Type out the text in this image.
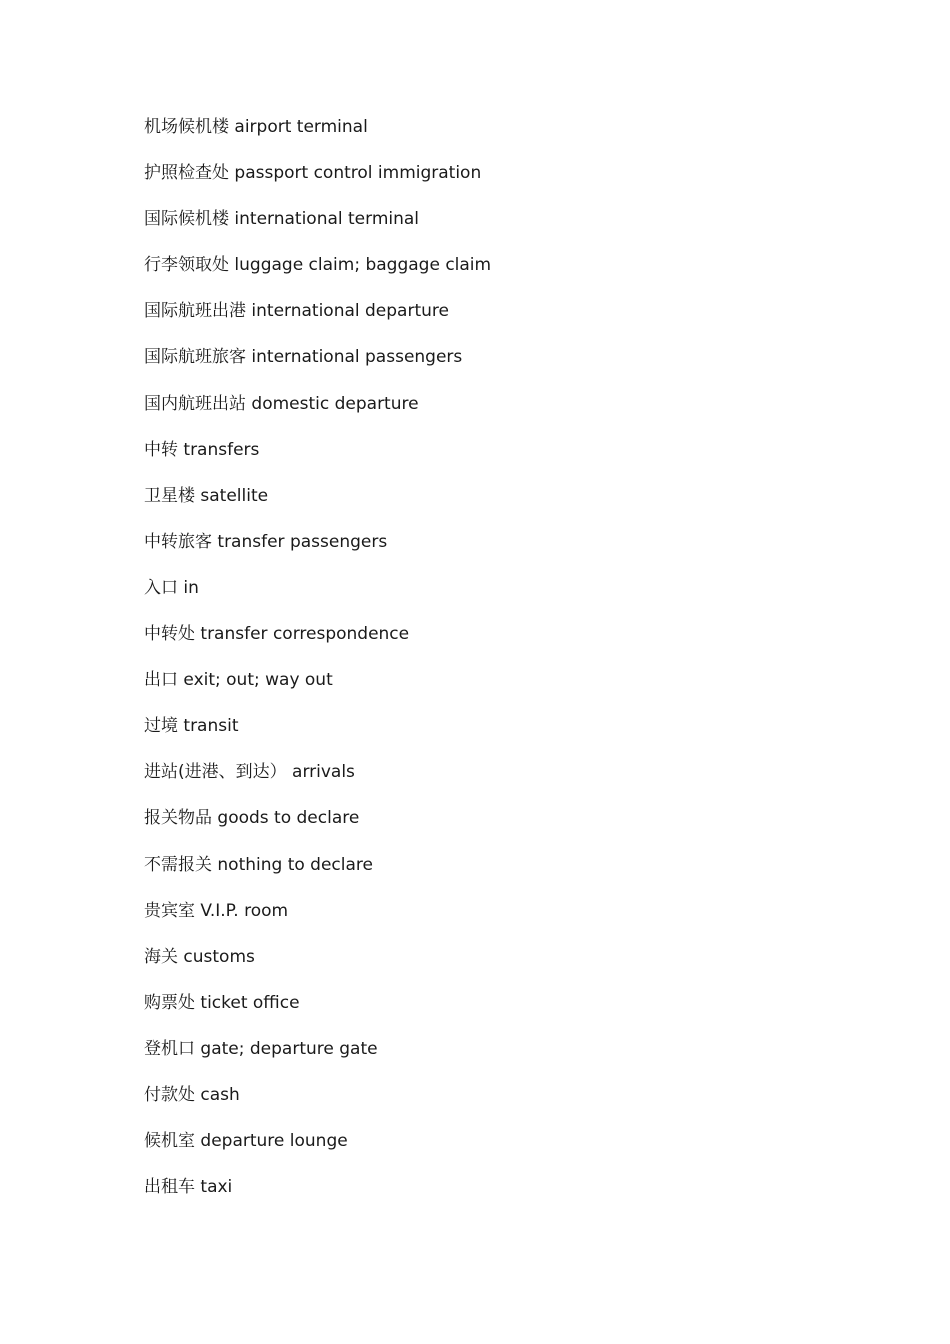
机场候机楼 airport terminal
护照检查处 passport control immigration
国际候机楼 international terminal
行李领取处 luggage claim; baggage claim
国际航班出港 international departure
国际航班旅客 international passengers
国内航班出站 domestic departure
中转 transfers
卫星楼 satellite
中转旅客 transfer passengers
入口 in
中转处 transfer correspondence
出口 exit; out; way out
过境 transit
进站(进港、到达） arrivals
报关物品 goods to declare
不需报关 nothing to declare
贵宾室 V.I.P. room
海关 customs
购票处 ticket office
登机口 gate; departure gate
付款处 cash
候机室 departure lounge
出租车 taxi
